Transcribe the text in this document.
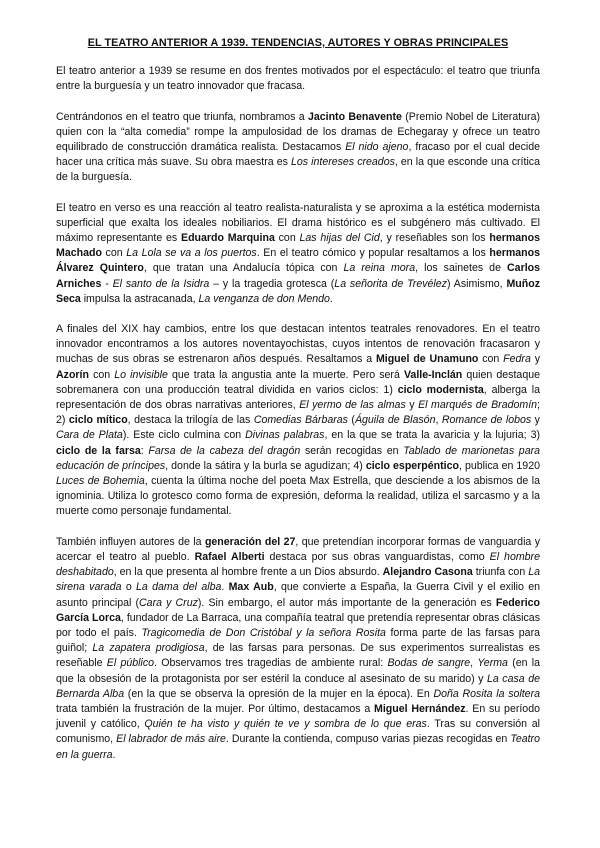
EL TEATRO ANTERIOR A 1939. TENDENCIAS, AUTORES Y OBRAS PRINCIPALES
El teatro anterior a 1939 se resume en dos frentes motivados por el espectáculo: el teatro que triunfa entre la burguesía y un teatro innovador que fracasa.
Centrándonos en el teatro que triunfa, nombramos a Jacinto Benavente (Premio Nobel de Literatura) quien con la “alta comedia” rompe la ampulosidad de los dramas de Echegaray y ofrece un teatro equilibrado de construcción dramática realista. Destacamos El nido ajeno, fracaso por el cual decide hacer una crítica más suave. Su obra maestra es Los intereses creados, en la que esconde una crítica de la burguesía.
El teatro en verso es una reacción al teatro realista-naturalista y se aproxima a la estética modernista superficial que exalta los ideales nobiliarios. El drama histórico es el subgénero más cultivado. El máximo representante es Eduardo Marquina con Las hijas del Cid, y reseñables son los hermanos Machado con La Lola se va a los puertos. En el teatro cómico y popular resaltamos a los hermanos Álvarez Quintero, que tratan una Andalucía tópica con La reina mora, los sainetes de Carlos Arniches - El santo de la Isidra – y la tragedia grotesca (La señorita de Trevélez) Asimismo, Muñoz Seca impulsa la astracanada, La venganza de don Mendo.
A finales del XIX hay cambios, entre los que destacan intentos teatrales renovadores. En el teatro innovador encontramos a los autores noventayochistas, cuyos intentos de renovación fracasaron y muchas de sus obras se estrenaron años después. Resaltamos a Miguel de Unamuno con Fedra y Azorín con Lo invisible que trata la angustia ante la muerte. Pero será Valle-Inclán quien destaque sobremanera con una producción teatral dividida en varios ciclos: 1) ciclo modernista, alberga la representación de dos obras narrativas anteriores, El yermo de las almas y El marqués de Bradomín; 2) ciclo mítico, destaca la trilogía de las Comedias Bárbaras (Águila de Blasón, Romance de lobos y Cara de Plata). Este ciclo culmina con Divinas palabras, en la que se trata la avaricia y la lujuria; 3) ciclo de la farsa: Farsa de la cabeza del dragón serán recogidas en Tablado de marionetas para educación de príncipes, donde la sátira y la burla se agudizan; 4) ciclo esperpéntico, publica en 1920 Luces de Bohemia, cuenta la última noche del poeta Max Estrella, que desciende a los abismos de la ignominia. Utiliza lo grotesco como forma de expresión, deforma la realidad, utiliza el sarcasmo y a la muerte como personaje fundamental.
También influyen autores de la generación del 27, que pretendían incorporar formas de vanguardia y acercar el teatro al pueblo. Rafael Alberti destaca por sus obras vanguardistas, como El hombre deshabitado, en la que presenta al hombre frente a un Dios absurdo. Alejandro Casona triunfa con La sirena varada o La dama del alba. Max Aub, que convierte a España, la Guerra Civil y el exilio en asunto principal (Cara y Cruz). Sin embargo, el autor más importante de la generación es Federico García Lorca, fundador de La Barraca, una compañía teatral que pretendía representar obras clásicas por todo el país. Tragicomedia de Don Cristóbal y la señora Rosita forma parte de las farsas para guiñol; La zapatera prodigiosa, de las farsas para personas. De sus experimentos surrealistas es reseñable El público. Observamos tres tragedias de ambiente rural: Bodas de sangre, Yerma (en la que la obsesión de la protagonista por ser estéril la conduce al asesinato de su marido) y La casa de Bernarda Alba (en la que se observa la opresión de la mujer en la época). En Doña Rosita la soltera trata también la frustración de la mujer. Por último, destacamos a Miguel Hernández. En su período juvenil y católico, Quién te ha visto y quién te ve y sombra de lo que eras. Tras su conversión al comunismo, El labrador de más aire. Durante la contienda, compuso varias piezas recogidas en Teatro en la guerra.
